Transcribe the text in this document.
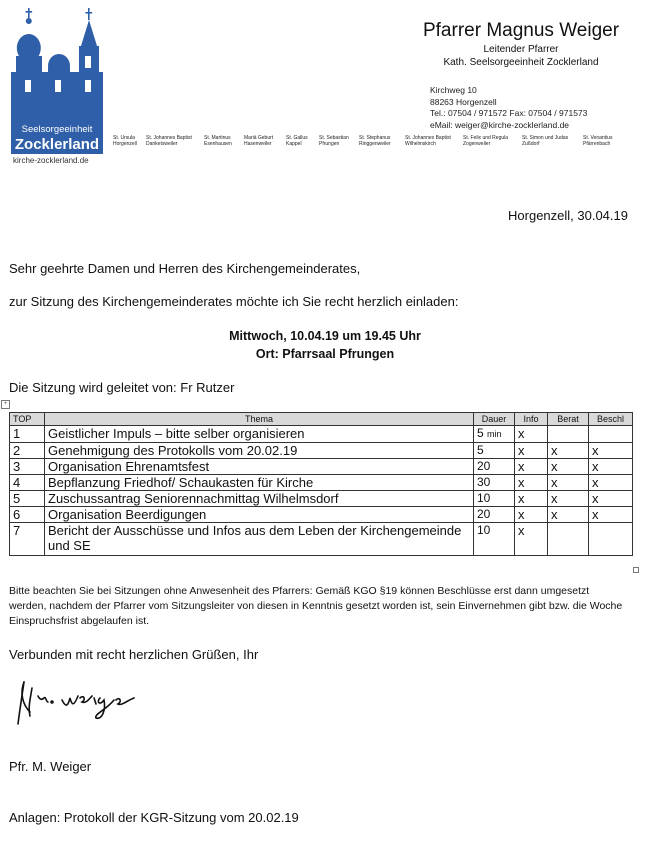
Seelsorgeeinheit
Zocklerland
kirche-zocklerland.de
Pfarrer Magnus Weiger
Leitender Pfarrer
Kath. Seelsorgeeinheit Zocklerland
Kirchweg 10
88263 Horgenzell
Tel.: 07504 / 971572 Fax: 07504 / 971573
eMail: weiger@kirche-zocklerland.de
St. Ursula
Horgenzell
St. Johannes Baptist
Danketsweiler
St. Martinus
Esenhausen
Mariä Geburt
Hasenweiler
St. Gallus
Kappel
St. Sebastian
Pfrungen
St. Stephanus
Ringgenweiler
St. Johannes Baptist
Wilhelmskirch
St. Felix und Regula
Zogenweiler
St. Simon und Judas
Zußdorf
St. Venantius
Pfärrenbach
Horgenzell, 30.04.19
Sehr geehrte Damen und Herren des Kirchengemeinderates,
zur Sitzung des Kirchengemeinderates möchte ich Sie recht herzlich einladen:
Mittwoch, 10.04.19 um 19.45 Uhr
Ort: Pfarrsaal Pfrungen
Die Sitzung wird geleitet von: Fr Rutzer
+
TOP	Thema	Dauer	Info	Berat	Beschl
1	Geistlicher Impuls – bitte selber organisieren	5 min	x		
2	Genehmigung des Protokolls vom 20.02.19	5	x	x	x
3	Organisation Ehrenamtsfest	20	x	x	x
4	Bepflanzung Friedhof/ Schaukasten für Kirche	30	x	x	x
5	Zuschussantrag Seniorennachmittag Wilhelmsdorf	10	x	x	x
6	Organisation Beerdigungen	20	x	x	x
7	Bericht der Ausschüsse und Infos aus dem Leben der Kirchengemeinde und SE	10	x		
Bitte beachten Sie bei Sitzungen ohne Anwesenheit des Pfarrers: Gemäß KGO §19 können Beschlüsse erst dann umgesetzt werden, nachdem der Pfarrer vom Sitzungsleiter von diesen in Kenntnis gesetzt worden ist, sein Einvernehmen gibt bzw. die Woche Einspruchsfrist abgelaufen ist.
Verbunden mit recht herzlichen Grüßen, Ihr
Pfr. M. Weiger
Anlagen: Protokoll der KGR-Sitzung vom 20.02.19
